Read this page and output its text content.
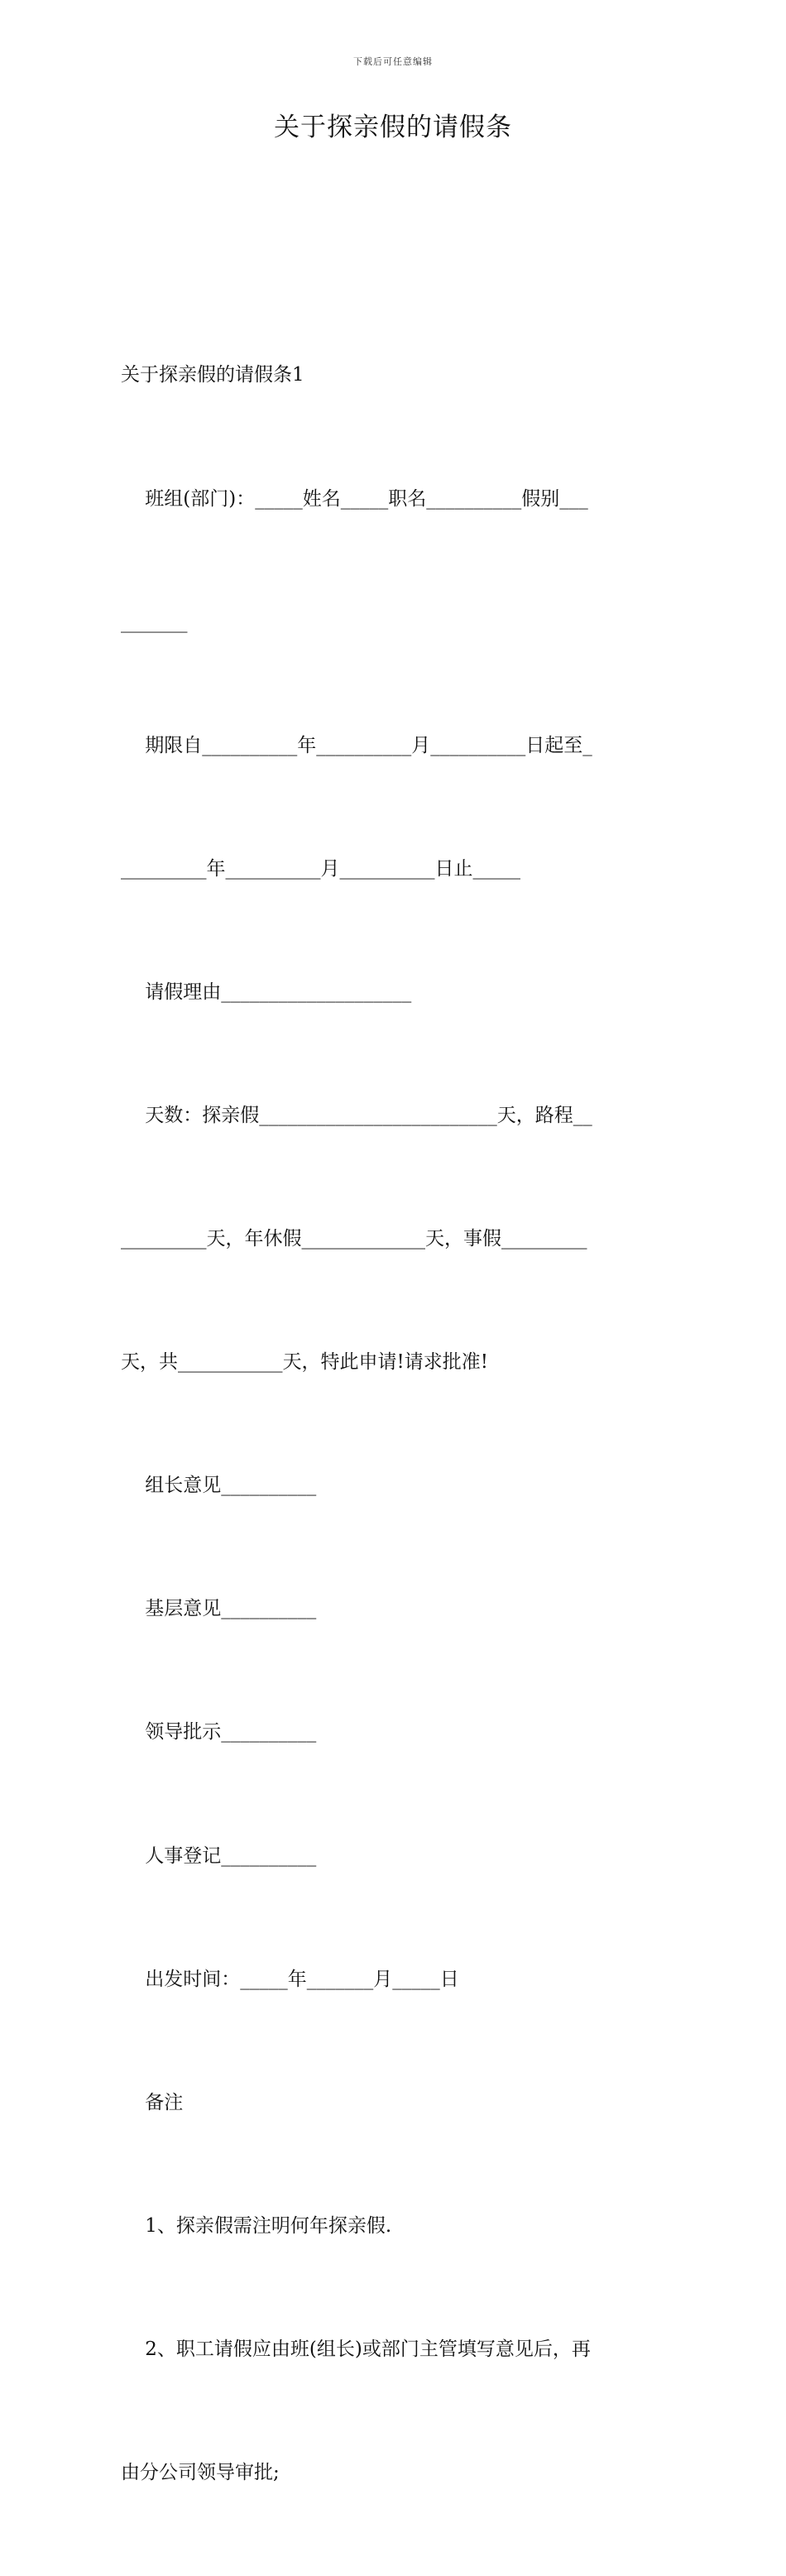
下载后可任意编辑
关于探亲假的请假条

关于探亲假的请假条1

班组(部门)：_____姓名_____职名__________假别___

_______

期限自__________年__________月__________日起至_

_________年__________月__________日止_____

请假理由____________________

天数：探亲假_________________________天，路程__

_________天，年休假_____________天，事假_________

天，共___________天，特此申请!请求批准!

组长意见__________

基层意见__________

领导批示__________

人事登记__________

出发时间：_____年_______月_____日

备注

1、探亲假需注明何年探亲假.

2、职工请假应由班(组长)或部门主管填写意见后，再

由分公司领导审批;
